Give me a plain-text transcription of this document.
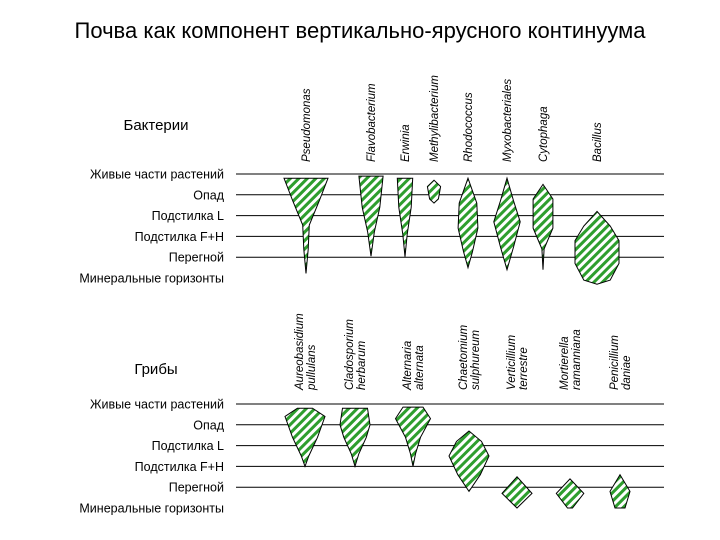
Почва как компонент вертикально-ярусного континуума
Живые части растений
Опад
Подстилка L
Подстилка F+H
Перегной
Минеральные горизонты
Бактерии	Pseudomonas	Flavobacterium Erwinia Methylibacterium Rhodococcus Myxobacteriales Cytophaga	Bacillus
Живые части растений
Опад
Подстилка L
Подстилка F+H
Перегной
Минеральные горизонты
Грибы	Aureobasidium pullulans Cladosporium herbarum	Alternaria alternata	Chaetomium sulphureum Verticillium terrestre	Mortierella ramanniana Penicillium daniae
